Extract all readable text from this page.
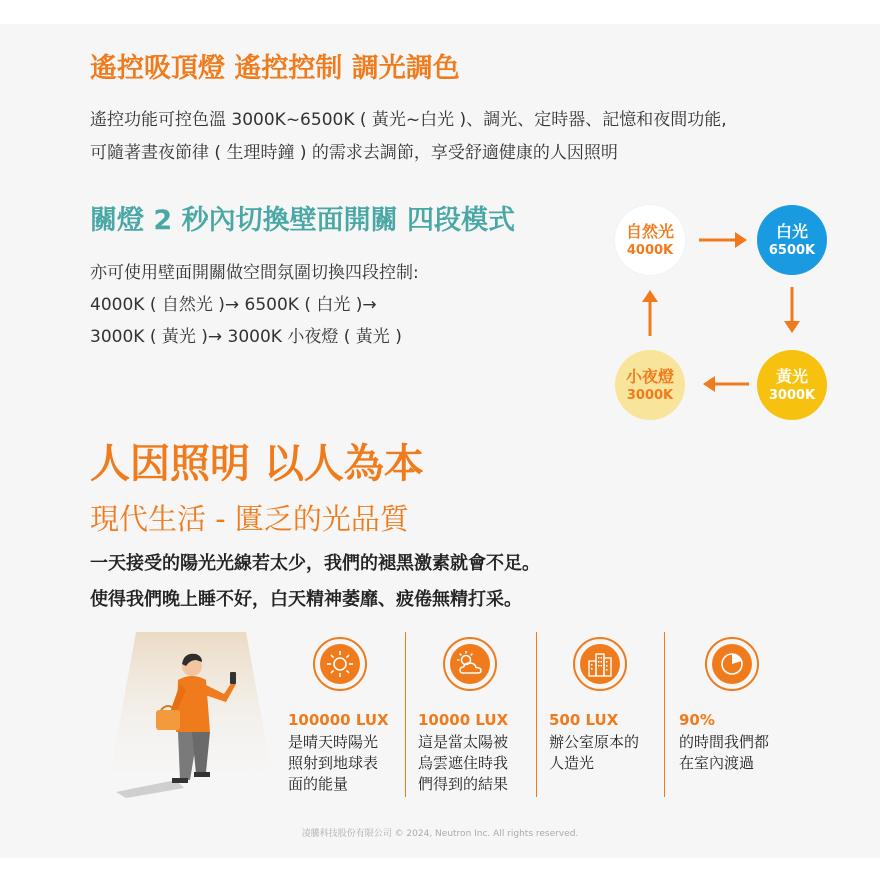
遙控吸頂燈 遙控控制 調光調色
遙控功能可控色溫 3000K~6500K ( 黃光~白光 )、調光、定時器、記憶和夜間功能,
可隨著晝夜節律 ( 生理時鐘 ) 的需求去調節，享受舒適健康的人因照明
關燈 2 秒內切換壁面開關 四段模式
亦可使用壁面開關做空間氛圍切換四段控制:
4000K ( 自然光 )→ 6500K ( 白光 )→
3000K ( 黃光 )→ 3000K 小夜燈 ( 黃光 )
自然光
4000K
白光
6500K
黃光
3000K
小夜燈
3000K
人因照明 以人為本
現代生活 - 匱乏的光品質
一天接受的陽光光線若太少，我們的褪黑激素就會不足。
使得我們晚上睡不好，白天精神萎靡、疲倦無精打采。
100000 LUX
是晴天時陽光
照射到地球表
面的能量
10000 LUX
這是當太陽被
烏雲遮住時我
們得到的結果
500 LUX
辦公室原本的
人造光
90%
的時間我們都
在室內渡過
凌騰科技股份有限公司 © 2024, Neutron Inc. All rights reserved.
